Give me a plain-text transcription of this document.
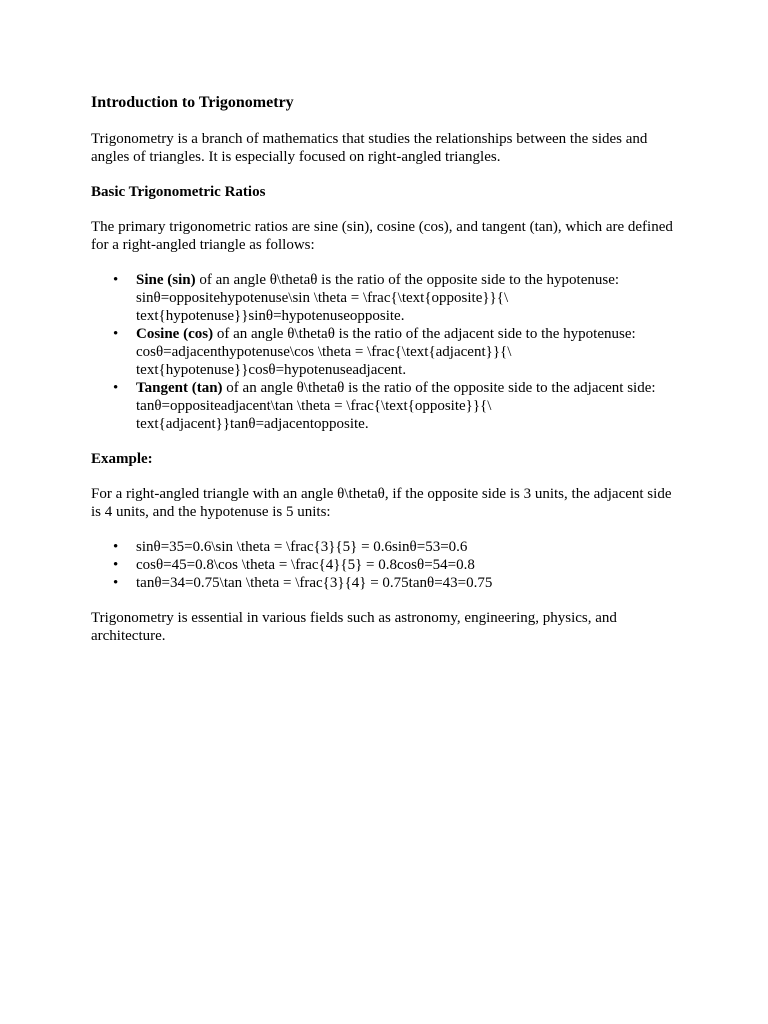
Introduction to Trigonometry

Trigonometry is a branch of mathematics that studies the relationships between the sides and angles of triangles. It is especially focused on right-angled triangles.

Basic Trigonometric Ratios

The primary trigonometric ratios are sine (sin), cosine (cos), and tangent (tan), which are defined for a right-angled triangle as follows:

• Sine (sin) of an angle θ\thetaθ is the ratio of the opposite side to the hypotenuse: sinθ=oppositehypotenuse\sin \theta = \frac{\text{opposite}}{\ text{hypotenuse}}sinθ=hypotenuseopposite.
• Cosine (cos) of an angle θ\thetaθ is the ratio of the adjacent side to the hypotenuse: cosθ=adjacenthypotenuse\cos \theta = \frac{\text{adjacent}}{\ text{hypotenuse}}cosθ=hypotenuseadjacent.
• Tangent (tan) of an angle θ\thetaθ is the ratio of the opposite side to the adjacent side: tanθ=oppositeadjacent\tan \theta = \frac{\text{opposite}}{\ text{adjacent}}tanθ=adjacentopposite.
Example:

For a right-angled triangle with an angle θ\thetaθ, if the opposite side is 3 units, the adjacent side is 4 units, and the hypotenuse is 5 units:

• sinθ=35=0.6\sin \theta = \frac{3}{5} = 0.6sinθ=53=0.6
• cosθ=45=0.8\cos \theta = \frac{4}{5} = 0.8cosθ=54=0.8
• tanθ=34=0.75\tan \theta = \frac{3}{4} = 0.75tanθ=43=0.75

Trigonometry is essential in various fields such as astronomy, engineering, physics, and architecture.
